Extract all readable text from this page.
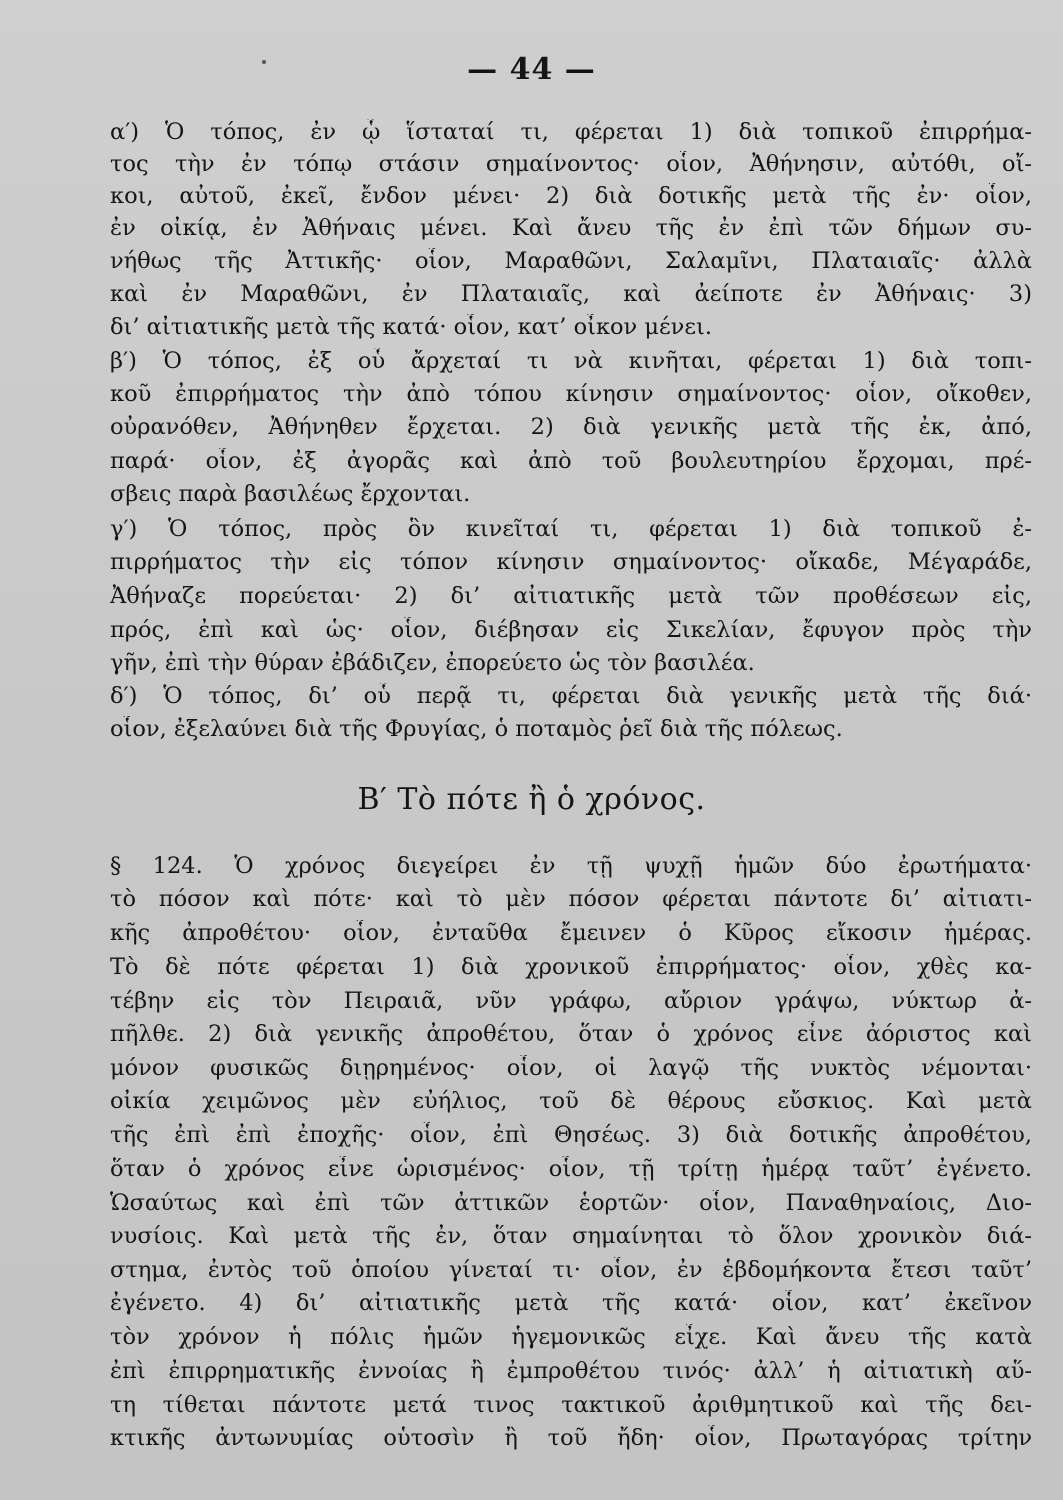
— 44 —
α′) Ὁ τόπος, ἐν ᾧ ἵσταταί τι, φέρεται 1) διὰ τοπικοῦ ἐπιρρήμα-
τος τὴν ἐν τόπῳ στάσιν σημαίνοντος· οἷον, Ἀθήνησιν, αὐτόθι, οἴ-
κοι, αὐτοῦ, ἐκεῖ, ἔνδον μένει· 2) διὰ δοτικῆς μετὰ τῆς ἐν· οἷον,
ἐν οἰκίᾳ, ἐν Ἀθήναις μένει. Καὶ ἄνευ τῆς ἐν ἐπὶ τῶν δήμων συ-
νήθως τῆς Ἀττικῆς· οἷον, Μαραθῶνι, Σαλαμῖνι, Πλαταιαῖς· ἀλλὰ
καὶ ἐν Μαραθῶνι, ἐν Πλαταιαῖς, καὶ ἀείποτε ἐν Ἀθήναις· 3)
δι’ αἰτιατικῆς μετὰ τῆς κατά· οἷον, κατ’ οἶκον μένει.
β′) Ὁ τόπος, ἐξ οὗ ἄρχεταί τι νὰ κινῆται, φέρεται 1) διὰ τοπι-
κοῦ ἐπιρρήματος τὴν ἀπὸ τόπου κίνησιν σημαίνοντος· οἷον, οἴκοθεν,
οὐρανόθεν, Ἀθήνηθεν ἔρχεται. 2) διὰ γενικῆς μετὰ τῆς ἐκ, ἀπό,
παρά· οἷον, ἐξ ἀγορᾶς καὶ ἀπὸ τοῦ βουλευτηρίου ἔρχομαι, πρέ-
σβεις παρὰ βασιλέως ἔρχονται.
γ′) Ὁ τόπος, πρὸς ὃν κινεῖταί τι, φέρεται 1) διὰ τοπικοῦ ἐ-
πιρρήματος τὴν εἰς τόπον κίνησιν σημαίνοντος· οἴκαδε, Μέγαράδε,
Ἀθήναζε πορεύεται· 2) δι’ αἰτιατικῆς μετὰ τῶν προθέσεων εἰς,
πρός, ἐπὶ καὶ ὡς· οἷον, διέβησαν εἰς Σικελίαν, ἔφυγον πρὸς τὴν
γῆν, ἐπὶ τὴν θύραν ἐβάδιζεν, ἐπορεύετο ὡς τὸν βασιλέα.
δ′) Ὁ τόπος, δι’ οὗ περᾷ τι, φέρεται διὰ γενικῆς μετὰ τῆς διά·
οἷον, ἐξελαύνει διὰ τῆς Φρυγίας, ὁ ποταμὸς ῥεῖ διὰ τῆς πόλεως.
Β′ Τὸ πότε ἢ ὁ χρόνος.
§ 124. Ὁ χρόνος διεγείρει ἐν τῇ ψυχῇ ἡμῶν δύο ἐρωτήματα·
τὸ πόσον καὶ πότε· καὶ τὸ μὲν πόσον φέρεται πάντοτε δι’ αἰτιατι-
κῆς ἀπροθέτου· οἷον, ἐνταῦθα ἔμεινεν ὁ Κῦρος εἴκοσιν ἡμέρας.
Τὸ δὲ πότε φέρεται 1) διὰ χρονικοῦ ἐπιρρήματος· οἷον, χθὲς κα-
τέβην εἰς τὸν Πειραιᾶ, νῦν γράφω, αὔριον γράψω, νύκτωρ ἀ-
πῆλθε. 2) διὰ γενικῆς ἀπροθέτου, ὅταν ὁ χρόνος εἶνε ἀόριστος καὶ
μόνον φυσικῶς διῃρημένος· οἷον, οἱ λαγῷ τῆς νυκτὸς νέμονται·
οἰκία χειμῶνος μὲν εὐήλιος, τοῦ δὲ θέρους εὔσκιος. Καὶ μετὰ
τῆς ἐπὶ ἐπὶ ἐποχῆς· οἷον, ἐπὶ Θησέως. 3) διὰ δοτικῆς ἀπροθέτου,
ὅταν ὁ χρόνος εἶνε ὡρισμένος· οἷον, τῇ τρίτῃ ἡμέρᾳ ταῦτ’ ἐγένετο.
Ὡσαύτως καὶ ἐπὶ τῶν ἀττικῶν ἑορτῶν· οἷον, Παναθηναίοις, Διο-
νυσίοις. Καὶ μετὰ τῆς ἐν, ὅταν σημαίνηται τὸ ὅλον χρονικὸν διά-
στημα, ἐντὸς τοῦ ὁποίου γίνεταί τι· οἷον, ἐν ἑβδομήκοντα ἔτεσι ταῦτ’
ἐγένετο. 4) δι’ αἰτιατικῆς μετὰ τῆς κατά· οἷον, κατ’ ἐκεῖνον
τὸν χρόνον ἡ πόλις ἡμῶν ἡγεμονικῶς εἶχε. Καὶ ἄνευ τῆς κατὰ
ἐπὶ ἐπιρρηματικῆς ἐννοίας ἢ ἐμπροθέτου τινός· ἀλλ’ ἡ αἰτιατικὴ αὕ-
τη τίθεται πάντοτε μετά τινος τακτικοῦ ἀριθμητικοῦ καὶ τῆς δει-
κτικῆς ἀντωνυμίας οὑτοσὶν ἢ τοῦ ἤδη· οἷον, Πρωταγόρας τρίτην
